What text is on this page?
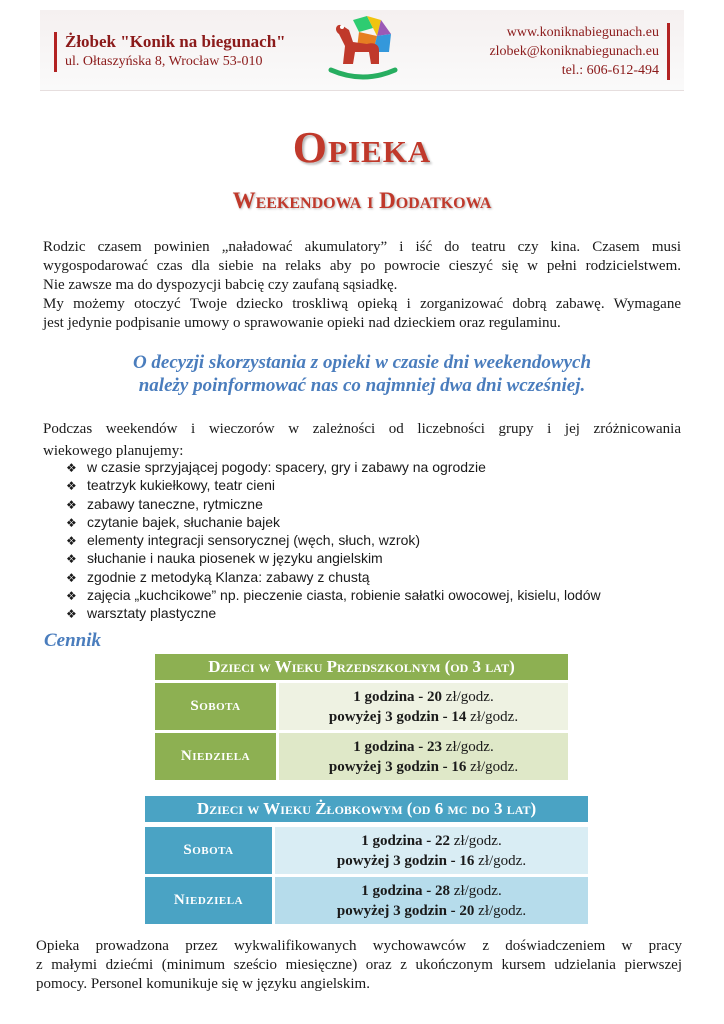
Żłobek "Konik na biegunach"
ul. Ołtaszyńska 8, Wrocław 53-010
www.koniknabiegunach.eu
zlobek@koniknabiegunach.eu
tel.: 606-612-494
Opieka
Weekendowa i Dodatkowa

Rodzic czasem powinien „naładować akumulatory” i iść do teatru czy kina. Czasem musi

wygospodarować czas dla siebie na relaks aby po powrocie cieszyć się w pełni rodzicielstwem.

Nie zawsze ma do dyspozycji babcię czy zaufaną sąsiadkę.

My możemy otoczyć Twoje dziecko troskliwą opieką i zorganizować dobrą zabawę. Wymagane

jest jedynie podpisanie umowy o sprawowanie opieki nad dzieckiem oraz regulaminu.

O decyzji skorzystania z opieki w czasie dni weekendowych
należy poinformować nas co najmniej dwa dni wcześniej.

Podczas weekendów i wieczorów w zależności od liczebności grupy i jej zróżnicowania

wiekowego planujemy:

❖ w czasie sprzyjającej pogody: spacery, gry i zabawy na ogrodzie
❖ teatrzyk kukiełkowy, teatr cieni
❖ zabawy taneczne, rytmiczne
❖ czytanie bajek, słuchanie bajek
❖ elementy integracji sensorycznej (węch, słuch, wzrok)
❖ słuchanie i nauka piosenek w języku angielskim
❖ zgodnie z metodyką Klanza: zabawy z chustą
❖ zajęcia „kuchcikowe” np. pieczenie ciasta, robienie sałatki owocowej, kisielu, lodów
❖ warsztaty plastyczne
Cennik
Dzieci w Wieku Przedszkolnym (od 3 lat)
Sobota
1 godzina - 20 zł/godz.
powyżej 3 godzin - 14 zł/godz.
Niedziela
1 godzina - 23 zł/godz.
powyżej 3 godzin - 16 zł/godz.
Dzieci w Wieku Żłobkowym (od 6 mc do 3 lat)
Sobota
1 godzina - 22 zł/godz.
powyżej 3 godzin - 16 zł/godz.
Niedziela
1 godzina - 28 zł/godz.
powyżej 3 godzin - 20 zł/godz.

Opieka prowadzona przez wykwalifikowanych wychowawców z doświadczeniem w pracy

z małymi dziećmi (minimum sześcio miesięczne) oraz z ukończonym kursem udzielania pierwszej

pomocy. Personel komunikuje się w języku angielskim.
